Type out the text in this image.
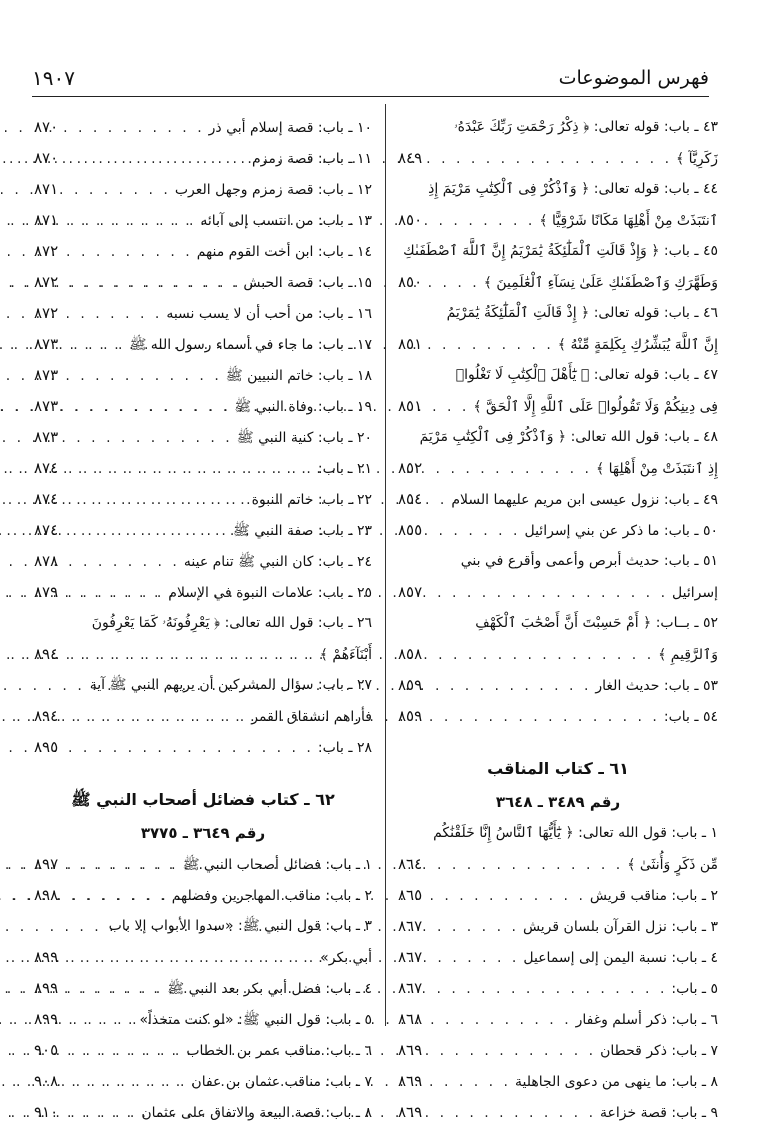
١٩٠٧	فهرس الموضوعات
٤٣ ـ باب: قوله تعالى: ﴿ ذِكْرُ رَحْمَتِ رَبِّكَ عَبْدَهُۥ
زَكَرِيَّآ ﴾
. . .
٨٤٩
٤٤ ـ باب: قوله تعالى: ﴿ وَٱذْكُرْ فِى ٱلْكِتَٰبِ مَرْيَمَ إِذِ
ٱنتَبَذَتْ مِنْ أَهْلِهَا مَكَانًا شَرْقِيًّا ﴾
. . .
٨٥٠
٤٥ ـ باب: ﴿ وَإِذْ قَالَتِ ٱلْمَلَٰٓئِكَةُ يَٰمَرْيَمُ إِنَّ ٱللَّهَ ٱصْطَفَىٰكِ
وَطَهَّرَكِ وَٱصْطَفَىٰكِ عَلَىٰ نِسَآءِ ٱلْعَٰلَمِينَ ﴾
. . .
٨٥٠
٤٦ ـ باب: قوله تعالى: ﴿ إِذْ قَالَتِ ٱلْمَلَٰٓئِكَةُ يَٰمَرْيَمُ
إِنَّ ٱللَّهَ يُبَشِّرُكِ بِكَلِمَةٍ مِّنْهُ ﴾
. . .
٨٥١
٤٧ ـ باب: قوله تعالى: ﴿ يَٰٓأَهْلَ ٱلْكِتَٰبِ لَا تَغْلُوا۟
فِى دِينِكُمْ وَلَا تَقُولُوا۟ عَلَى ٱللَّهِ إِلَّا ٱلْحَقَّ ﴾
. . .
٨٥١
٤٨ ـ باب: قول الله تعالى: ﴿ وَٱذْكُرْ فِى ٱلْكِتَٰبِ مَرْيَمَ
إِذِ ٱنتَبَذَتْ مِنْ أَهْلِهَا ﴾
. . .
٨٥٢
٤٩ ـ باب: نزول عيسى ابن مريم عليهما السلام
. . .
٨٥٤
٥٠ ـ باب: ما ذكر عن بني إسرائيل
. . .
٨٥٥
٥١ ـ باب: حديث أبرص وأعمى وأقرع في بني
إسرائيل
. . .
٨٥٧
٥٢ ـ بــاب: ﴿ أَمْ حَسِبْتَ أَنَّ أَصْحَٰبَ ٱلْكَهْفِ
وَٱلرَّقِيمِ ﴾
. . .
٨٥٨
٥٣ ـ باب: حديث الغار
. . .
٨٥٩
٥٤ ـ باب:
. . .
٨٥٩
٦١ ـ كتاب المناقب
رقم ٣٤٨٩ ـ ٣٦٤٨
١ ـ باب: قول الله تعالى: ﴿ يَٰٓأَيُّهَا ٱلنَّاسُ إِنَّا خَلَقْنَٰكُم
مِّن ذَكَرٍ وَأُنثَىٰ ﴾
. . .
٨٦٤
٢ ـ باب: مناقب قريش
. . .
٨٦٥
٣ ـ باب: نزل القرآن بلسان قريش
. . .
٨٦٧
٤ ـ باب: نسبة اليمن إلى إسماعيل
. . .
٨٦٧
٥ ـ باب:
. . .
٨٦٧
٦ ـ باب: ذكر أسلم وغفار
. . .
٨٦٨
٧ ـ باب: ذكر قحطان
. . .
٨٦٩
٨ ـ باب: ما ينهى من دعوى الجاهلية
. . .
٨٦٩
٩ ـ باب: قصة خزاعة
. . .
٨٦٩
١٠ ـ باب: قصة إسلام أبي ذر
. . .
٨٧٠
١١ ـ باب: قصة زمزم
. . .
٨٧٠
١٢ ـ باب: قصة زمزم وجهل العرب
. . .
٨٧١
١٣ ـ باب: من انتسب إلى آبائه
. . .
٨٧١
١٤ ـ باب: ابن أخت القوم منهم
. . .
٨٧٢
١٥ ـ باب: قصة الحبش
. . .
٨٧٢
١٦ ـ باب: من أحب أن لا يسب نسبه
. . .
٨٧٢
١٧ ـ باب: ما جاء في أسماء رسول الله ﷺ
. . .
٨٧٣
١٨ ـ باب: خاتم النبيين ﷺ
. . .
٨٧٣
١٩ ـ باب: وفاة النبي ﷺ
. . .
٨٧٣
٢٠ ـ باب: كنية النبي ﷺ
. . .
٨٧٣
٢١ ـ باب:
. . .
٨٧٤
٢٢ ـ باب: خاتم النبوة
. . .
٨٧٤
٢٣ ـ باب: صفة النبي ﷺ
. . .
٨٧٤
٢٤ ـ باب: كان النبي ﷺ تنام عينه
. . .
٨٧٨
٢٥ ـ باب: علامات النبوة في الإسلام
. . .
٨٧٩
٢٦ ـ باب: قول الله تعالى: ﴿ يَعْرِفُونَهُۥ كَمَا يَعْرِفُونَ
أَبْنَآءَهُمْ ﴾
. . .
٨٩٤
٢٧ ـ باب: سؤال المشركين أن يريهم النبي ﷺ آية
فأراهم انشقاق القمر
. . .
٨٩٤
٢٨ ـ باب:
. . .
٨٩٥
٦٢ ـ كتاب فضائل أصحاب النبي ﷺ
رقم ٣٦٤٩ ـ ٣٧٧٥
١ ـ باب: فضائل أصحاب النبي ﷺ
. . .
٨٩٧
٢ ـ باب: مناقب المهاجرين وفضلهم
. . .
٨٩٨
٣ ـ باب: قول النبي ﷺ: «سدوا الأبواب إلا باب
أبي بكر»
. . .
٨٩٩
٤ ـ باب: فضل أبي بكر بعد النبي ﷺ
. . .
٨٩٩
٥ ـ باب: قول النبي ﷺ: «لو كنت متخذاً»
. . .
٨٩٩
٦ ـ باب: مناقب عمر بن الخطاب
. . .
٩٠٥
٧ ـ باب: مناقب عثمان بن عفان
. . .
٩٠٨
٨ ـ باب: قصة البيعة والاتفاق على عثمان
. . .
٩١٠
